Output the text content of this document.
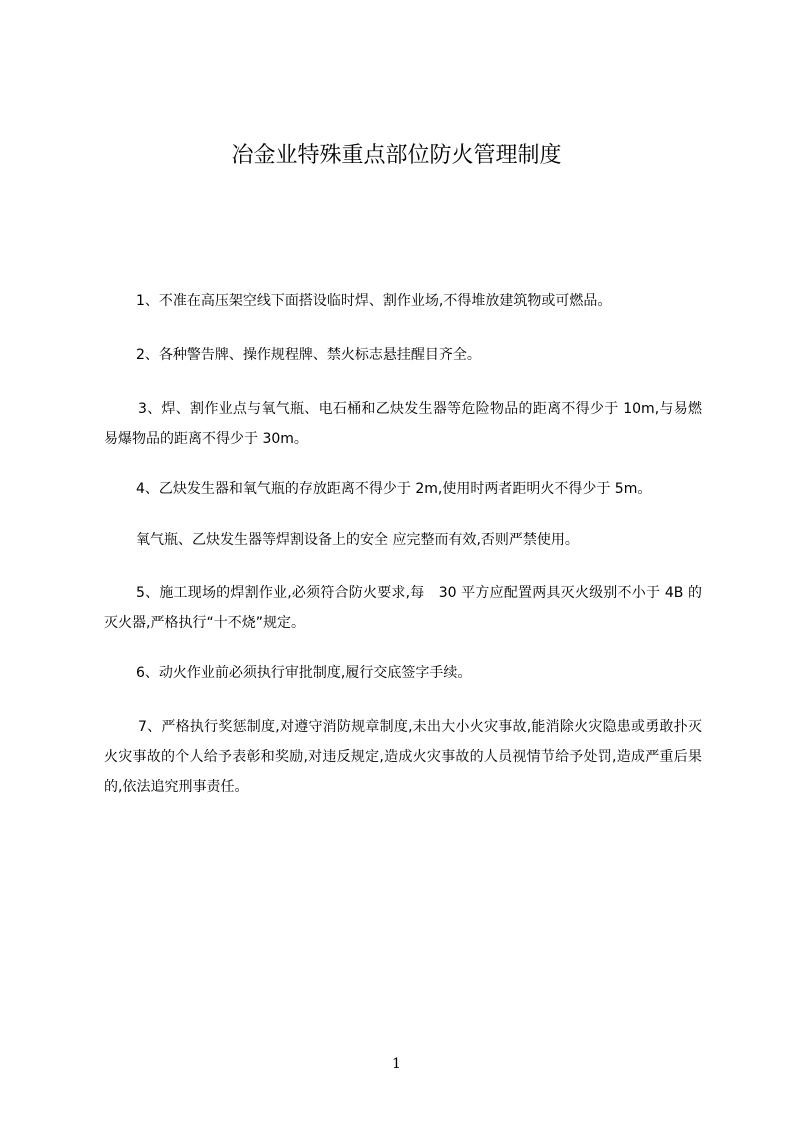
冶金业特殊重点部位防火管理制度

1、不准在高压架空线下面搭设临时焊、割作业场,不得堆放建筑物或可燃品。

2、各种警告牌、操作规程牌、禁火标志悬挂醒目齐全。

3、焊、割作业点与氧气瓶、电石桶和乙炔发生器等危险物品的距离不得少于 10m,与易燃易爆物品的距离不得少于 30m。

4、乙炔发生器和氧气瓶的存放距离不得少于 2m,使用时两者距明火不得少于 5m。

氧气瓶、乙炔发生器等焊割设备上的安全 应完整而有效,否则严禁使用。

5、施工现场的焊割作业,必须符合防火要求,每　30 平方应配置两具灭火级别不小于 4B 的灭火器,严格执行“十不烧”规定。

6、动火作业前必须执行审批制度,履行交底签字手续。

7、严格执行奖惩制度,对遵守消防规章制度,未出大小火灾事故,能消除火灾隐患或勇敢扑灭火灾事故的个人给予表彰和奖励,对违反规定,造成火灾事故的人员视情节给予处罚,造成严重后果的,依法追究刑事责任。

1
